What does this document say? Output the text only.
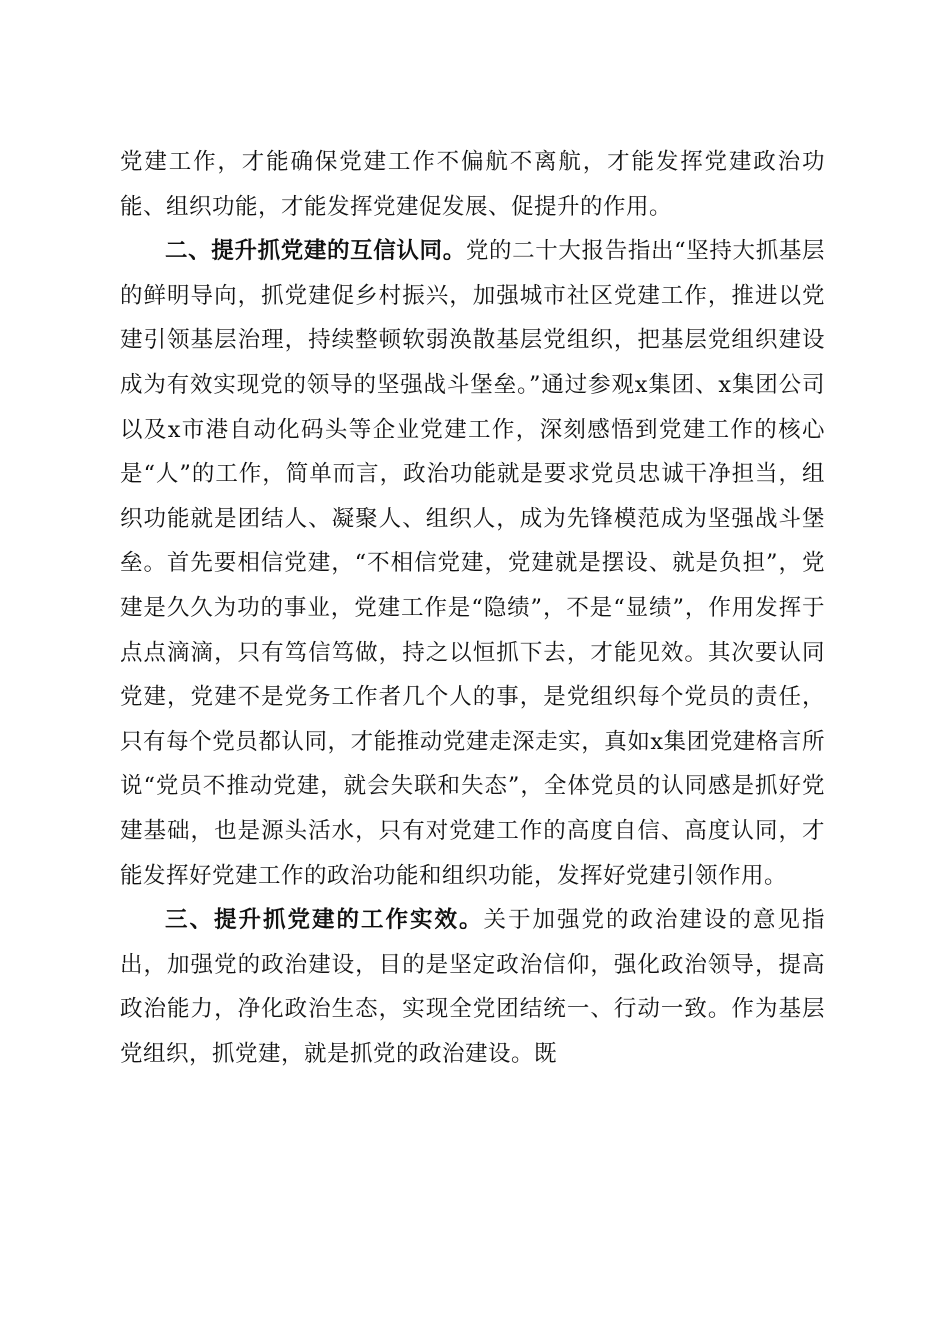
党建工作，才能确保党建工作不偏航不离航，才能发挥党建政治功能、组织功能，才能发挥党建促发展、促提升的作用。

二、提升抓党建的互信认同。党的二十大报告指出“坚持大抓基层的鲜明导向，抓党建促乡村振兴，加强城市社区党建工作，推进以党建引领基层治理，持续整顿软弱涣散基层党组织，把基层党组织建设成为有效实现党的领导的坚强战斗堡垒。”通过参观x集团、x集团公司以及x市港自动化码头等企业党建工作，深刻感悟到党建工作的核心是“人”的工作，简单而言，政治功能就是要求党员忠诚干净担当，组织功能就是团结人、凝聚人、组织人，成为先锋模范成为坚强战斗堡垒。首先要相信党建，“不相信党建，党建就是摆设、就是负担”，党建是久久为功的事业，党建工作是“隐绩”，不是“显绩”，作用发挥于点点滴滴，只有笃信笃做，持之以恒抓下去，才能见效。其次要认同党建，党建不是党务工作者几个人的事，是党组织每个党员的责任，只有每个党员都认同，才能推动党建走深走实，真如x集团党建格言所说“党员不推动党建，就会失联和失态”，全体党员的认同感是抓好党建基础，也是源头活水，只有对党建工作的高度自信、高度认同，才能发挥好党建工作的政治功能和组织功能，发挥好党建引领作用。

三、提升抓党建的工作实效。关于加强党的政治建设的意见指出，加强党的政治建设，目的是坚定政治信仰，强化政治领导，提高政治能力，净化政治生态，实现全党团结统一、行动一致。作为基层党组织，抓党建，就是抓党的政治建设。既
